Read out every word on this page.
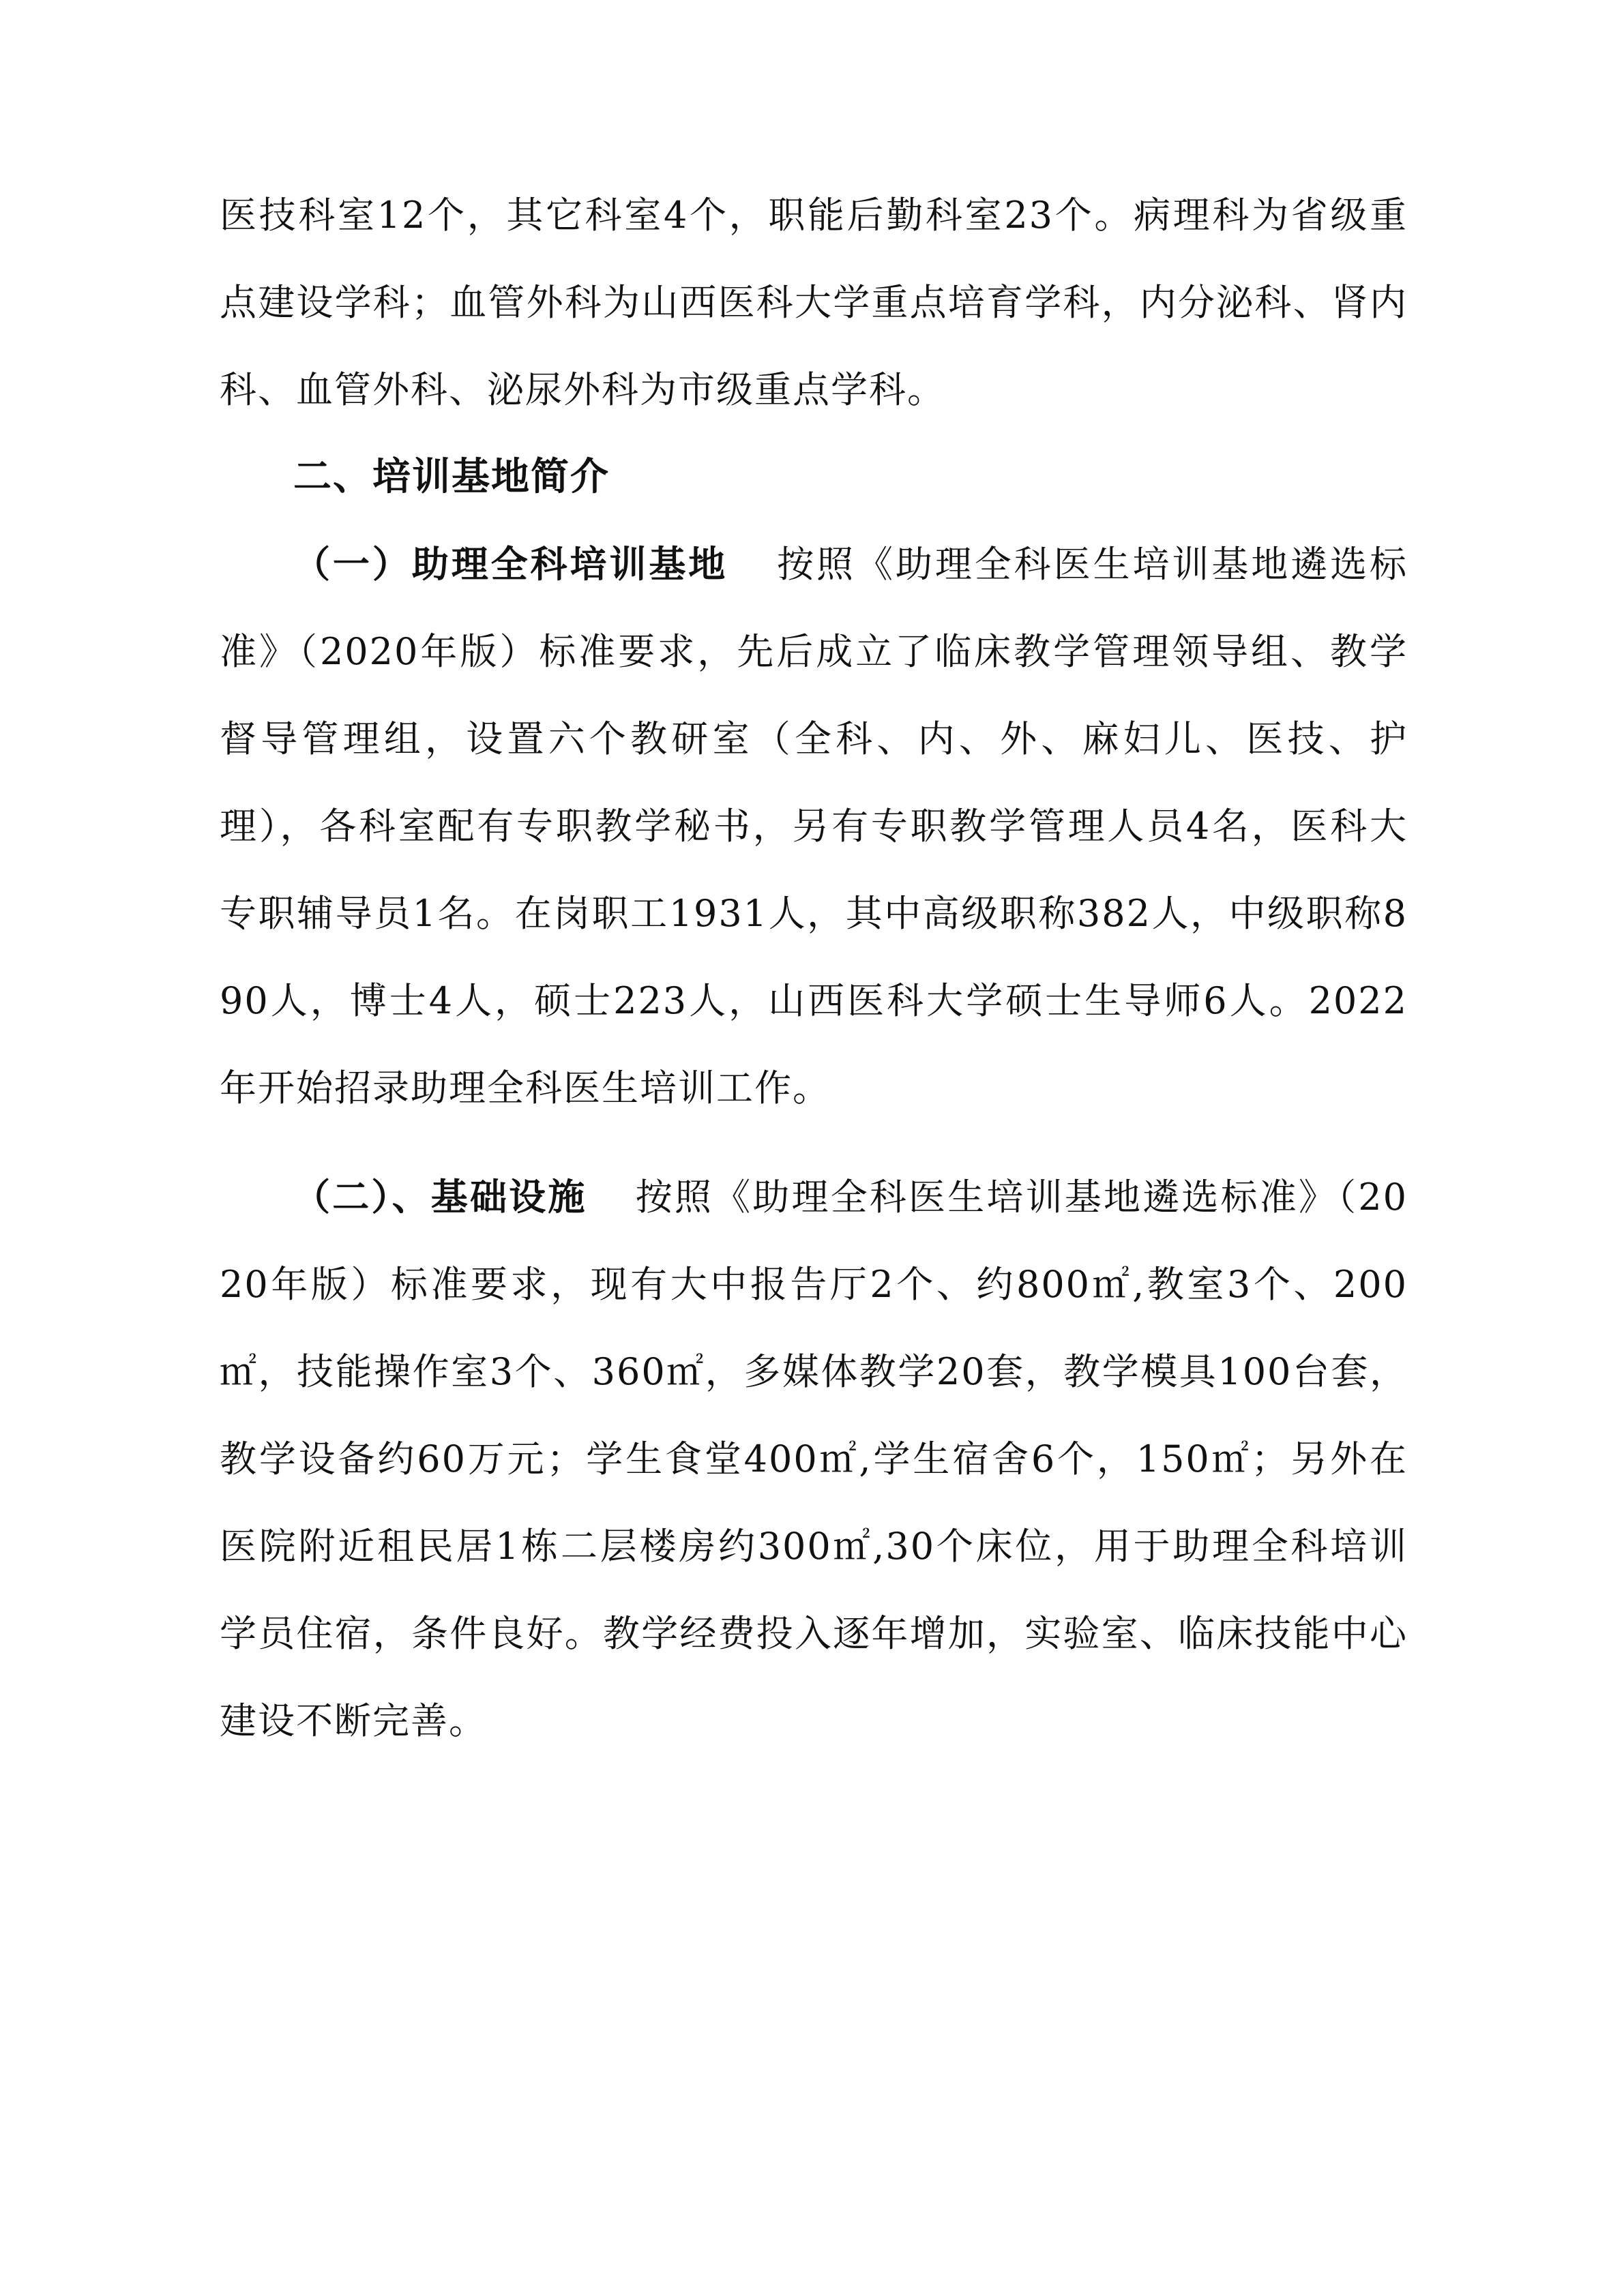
医技科室12个，其它科室4个，职能后勤科室23个。病理科为省级重点建设学科；血管外科为山西医科大学重点培育学科，内分泌科、肾内科、血管外科、泌尿外科为市级重点学科。

二、培训基地简介

（一）助理全科培训基地 按照《助理全科医生培训基地遴选标准》（2020年版）标准要求，先后成立了临床教学管理领导组、教学督导管理组，设置六个教研室（全科、内、外、麻妇儿、医技、护理），各科室配有专职教学秘书，另有专职教学管理人员4名，医科大专职辅导员1名。在岗职工1931人，其中高级职称382人，中级职称890人，博士4人，硕士223人，山西医科大学硕士生导师6人。2022年开始招录助理全科医生培训工作。

（二）、基础设施 按照《助理全科医生培训基地遴选标准》（2020年版）标准要求，现有大中报告厅2个、约800㎡,教室3个、200㎡，技能操作室3个、360㎡，多媒体教学20套，教学模具100台套，教学设备约60万元；学生食堂400㎡,学生宿舍6个，150㎡；另外在医院附近租民居1栋二层楼房约300㎡,30个床位，用于助理全科培训学员住宿，条件良好。教学经费投入逐年增加，实验室、临床技能中心建设不断完善。
